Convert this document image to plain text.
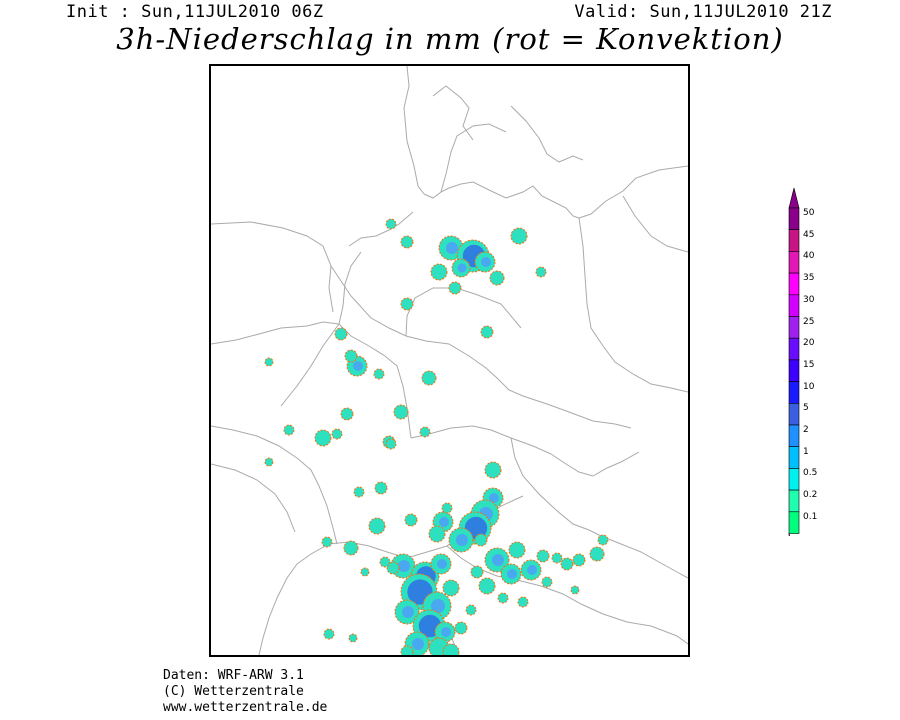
Init : Sun,11JUL2010 06Z	Valid: Sun,11JUL2010 21Z
3h-Niederschlag in mm (rot = Konvektion)
50
45
40
35
30
25
20
15
10
5
2
1
0.5
0.2
0.1
Daten: WRF-ARW 3.1
(C) Wetterzentrale
www.wetterzentrale.de
